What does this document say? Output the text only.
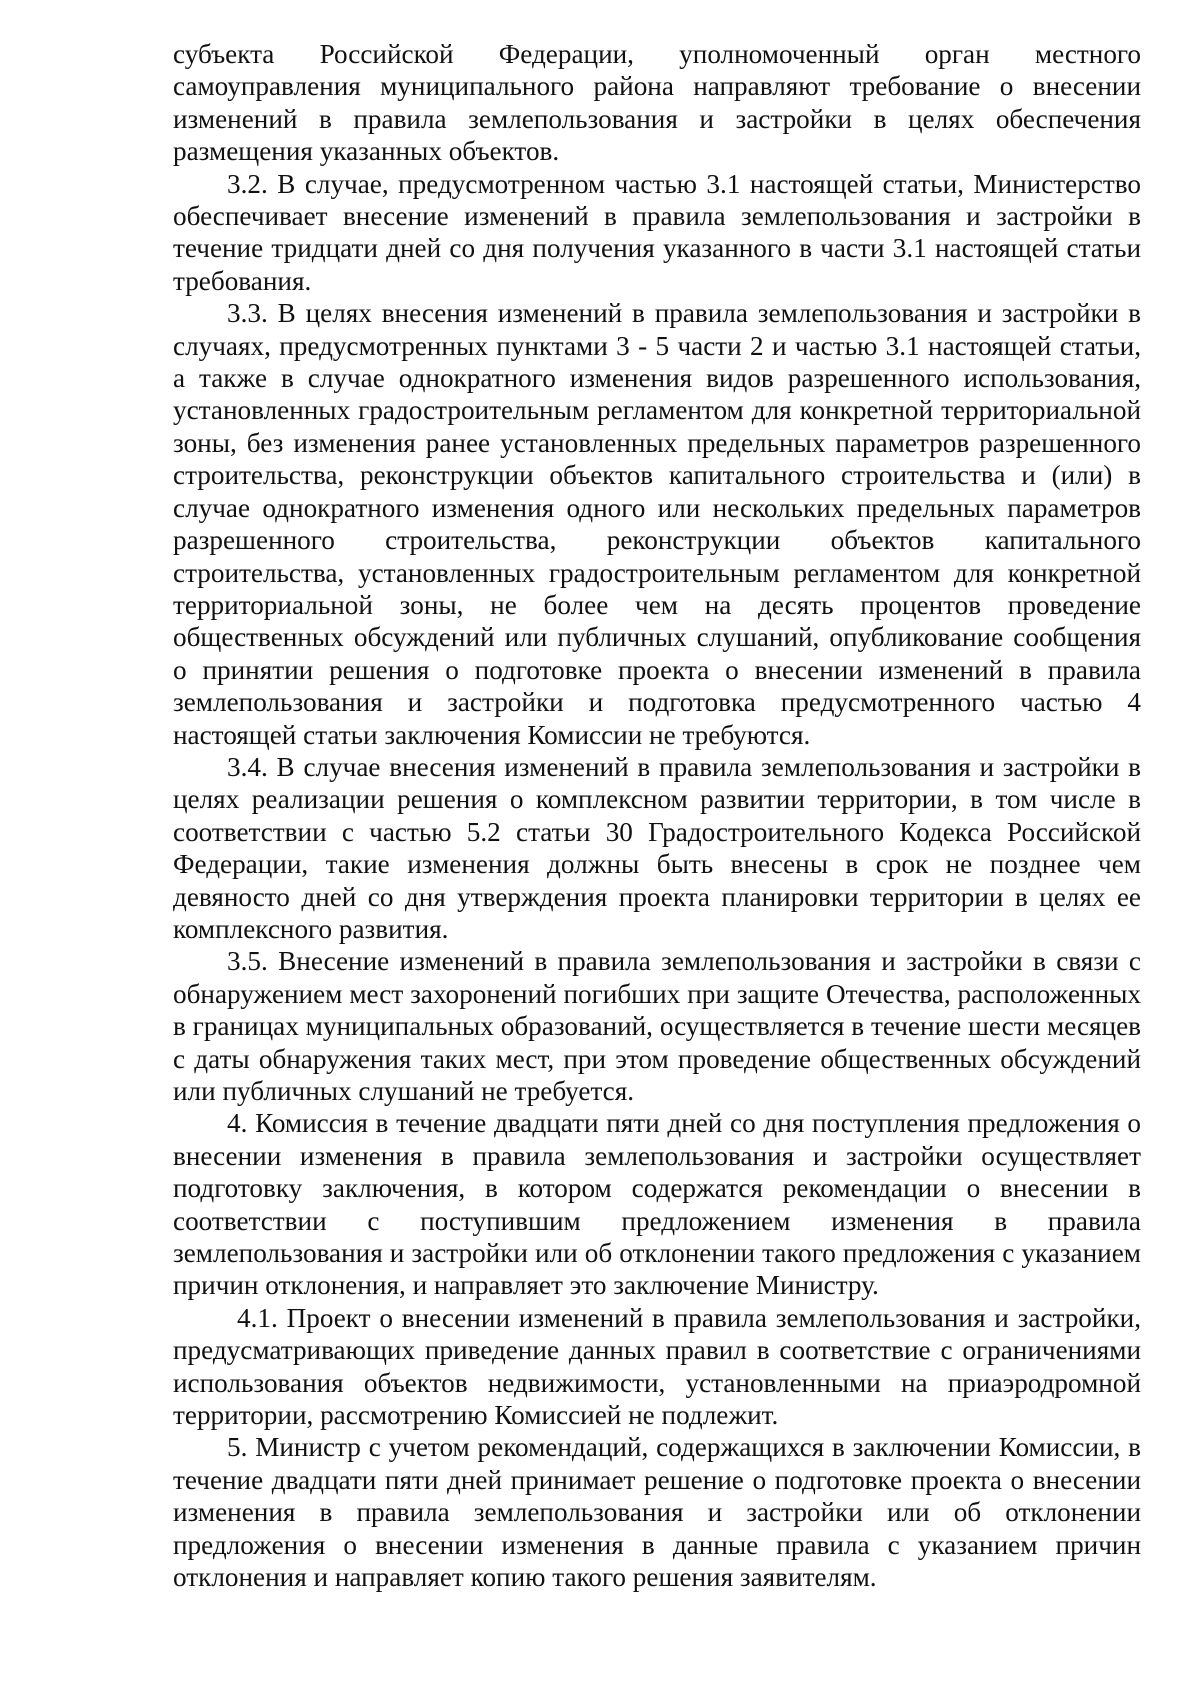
субъекта Российской Федерации, уполномоченный орган местного самоуправления муниципального района направляют требование о внесении изменений в правила землепользования и застройки в целях обеспечения размещения указанных объектов.

3.2. В случае, предусмотренном частью 3.1 настоящей статьи, Министерство обеспечивает внесение изменений в правила землепользования и застройки в течение тридцати дней со дня получения указанного в части 3.1 настоящей статьи требования.

3.3. В целях внесения изменений в правила землепользования и застройки в случаях, предусмотренных пунктами 3 - 5 части 2 и частью 3.1 настоящей статьи, а также в случае однократного изменения видов разрешенного использования, установленных градостроительным регламентом для конкретной территориальной зоны, без изменения ранее установленных предельных параметров разрешенного строительства, реконструкции объектов капитального строительства и (или) в случае однократного изменения одного или нескольких предельных параметров разрешенного строительства, реконструкции объектов капитального строительства, установленных градостроительным регламентом для конкретной территориальной зоны, не более чем на десять процентов проведение общественных обсуждений или публичных слушаний, опубликование сообщения о принятии решения о подготовке проекта о внесении изменений в правила землепользования и застройки и подготовка предусмотренного частью 4 настоящей статьи заключения Комиссии не требуются.

3.4. В случае внесения изменений в правила землепользования и застройки в целях реализации решения о комплексном развитии территории, в том числе в соответствии с частью 5.2 статьи 30 Градостроительного Кодекса Российской Федерации, такие изменения должны быть внесены в срок не позднее чем девяносто дней со дня утверждения проекта планировки территории в целях ее комплексного развития.

3.5. Внесение изменений в правила землепользования и застройки в связи с обнаружением мест захоронений погибших при защите Отечества, расположенных в границах муниципальных образований, осуществляется в течение шести месяцев с даты обнаружения таких мест, при этом проведение общественных обсуждений или публичных слушаний не требуется.

4. Комиссия в течение двадцати пяти дней со дня поступления предложения о внесении изменения в правила землепользования и застройки осуществляет подготовку заключения, в котором содержатся рекомендации о внесении в соответствии с поступившим предложением изменения в правила землепользования и застройки или об отклонении такого предложения с указанием причин отклонения, и направляет это заключение Министру.

4.1. Проект о внесении изменений в правила землепользования и застройки, предусматривающих приведение данных правил в соответствие с ограничениями использования объектов недвижимости, установленными на приаэродромной территории, рассмотрению Комиссией не подлежит.

5. Министр с учетом рекомендаций, содержащихся в заключении Комиссии, в течение двадцати пяти дней принимает решение о подготовке проекта о внесении изменения в правила землепользования и застройки или об отклонении предложения о внесении изменения в данные правила с указанием причин отклонения и направляет копию такого решения заявителям.
